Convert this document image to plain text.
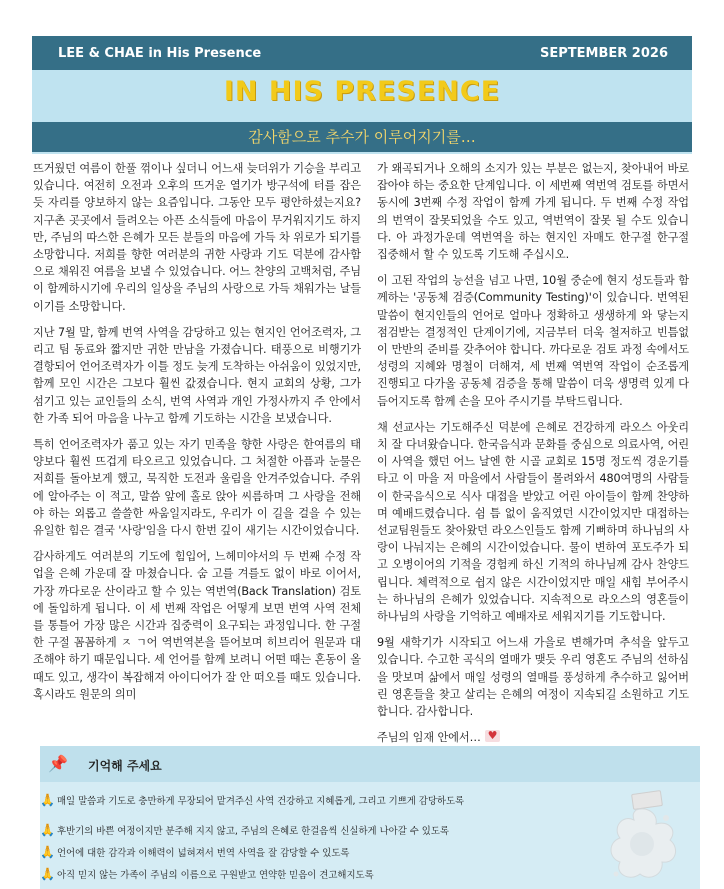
LEE & CHAE in His Presence	SEPTEMBER 2026
IN HIS PRESENCE
감사함으로 추수가 이루어지기를…

뜨거웠던 여름이 한풀 꺾이나 싶더니 어느새 늦더위가 기승을 부리고 있습니다. 여전히 오전과 오후의 뜨거운 열기가 방구석에 터를 잡은 듯 자리를 양보하지 않는 요즘입니다. 그동안 모두 평안하셨는지요? 지구촌 곳곳에서 들려오는 아픈 소식들에 마음이 무거워지기도 하지만, 주님의 따스한 은혜가 모든 분들의 마음에 가득 차 위로가 되기를 소망합니다. 저희를 향한 여러분의 귀한 사랑과 기도 덕분에 감사함으로 채워진 여름을 보낼 수 있었습니다. 어느 찬양의 고백처럼, 주님이 함께하시기에 우리의 일상을 주님의 사랑으로 가득 채워가는 날들이기를 소망합니다.

지난 7월 말, 함께 번역 사역을 감당하고 있는 현지인 언어조력자, 그리고 팀 동료와 짧지만 귀한 만남을 가졌습니다. 태풍으로 비행기가 결항되어 언어조력자가 이틀 정도 늦게 도착하는 아쉬움이 있었지만, 함께 모인 시간은 그보다 훨씬 값졌습니다. 현지 교회의 상황, 그가 섬기고 있는 교인들의 소식, 번역 사역과 개인 가정사까지 주 안에서 한 가족 되어 마음을 나누고 함께 기도하는 시간을 보냈습니다.

특히 언어조력자가 품고 있는 자기 민족을 향한 사랑은 한여름의 태양보다 훨씬 뜨겁게 타오르고 있었습니다. 그 처절한 아픔과 눈물은 저희를 돌아보게 했고, 묵직한 도전과 울림을 안겨주었습니다. 주위에 알아주는 이 적고, 말씀 앞에 홀로 앉아 씨름하며 그 사랑을 전해야 하는 외롭고 쓸쓸한 싸움일지라도, 우리가 이 길을 걸을 수 있는 유일한 힘은 결국 '사랑'임을 다시 한번 깊이 새기는 시간이었습니다.

감사하게도 여러분의 기도에 힘입어, 느헤미야서의 두 번째 수정 작업을 은혜 가운데 잘 마쳤습니다. 숨 고를 겨를도 없이 바로 이어서, 가장 까다로운 산이라고 할 수 있는 역번역(Back Translation) 검토에 돌입하게 됩니다. 이 세 번째 작업은 어떻게 보면 번역 사역 전체를 통틀어 가장 많은 시간과 집중력이 요구되는 과정입니다. 한 구절 한 구절 꼼꼼하게 ㅈ ㄱ어 역번역본을 뜯어보며 히브리어 원문과 대조해야 하기 때문입니다. 세 언어를 함께 보려니 어떤 때는 혼동이 올 때도 있고, 생각이 복잡해져 아이디어가 잘 안 떠오를 때도 있습니다. 혹시라도 원문의 의미

가 왜곡되거나 오해의 소지가 있는 부분은 없는지, 찾아내어 바로잡아야 하는 중요한 단계입니다. 이 세번째 역번역 검토를 하면서 동시에 3번째 수정 작업이 함께 가게 됩니다. 두 번째 수정 작업의 번역이 잘못되었을 수도 있고, 역번역이 잘못 될 수도 있습니다. 아 과정가운데 역번역을 하는 현지인 자매도 한구절 한구절 집중해서 할 수 있도록 기도해 주십시오.

이 고된 작업의 능선을 넘고 나면, 10월 중순에 현지 성도들과 함께하는 '공동체 검증(Community Testing)'이 있습니다. 번역된 말씀이 현지인들의 언어로 얼마나 정확하고 생생하게 와 닿는지 점검받는 결정적인 단계이기에, 지금부터 더욱 철저하고 빈틈없이 만반의 준비를 갖추어야 합니다. 까다로운 검토 과정 속에서도 성령의 지혜와 명철이 더해져, 세 번째 역번역 작업이 순조롭게 진행되고 다가올 공동체 검증을 통해 말씀이 더욱 생명력 있게 다듬어지도록 함께 손을 모아 주시기를 부탁드립니다.

채 선교사는 기도해주신 덕분에 은혜로 건강하게 라오스 아웃리치 잘 다녀왔습니다. 한국음식과 문화를 중심으로 의료사역, 어린이 사역을 했던 어느 날엔 한 시골 교회로 15명 정도씩 경운기를 타고 이 마을 저 마을에서 사람들이 몰려와서 480여명의 사람들이 한국음식으로 식사 대접을 받았고 어린 아이들이 함께 찬양하며 예배드렸습니다. 쉼 틈 없이 움직였던 시간이었지만 대접하는 선교팀원들도 찾아왔던 라오스인들도 함께 기뻐하며 하나님의 사랑이 나눠지는 은혜의 시간이었습니다. 물이 변하여 포도주가 되고 오병이어의 기적을 경험케 하신 기적의 하나님께 감사 찬양드립니다. 체력적으로 쉽지 않은 시간이었지만 매일 새힘 부어주시는 하나님의 은혜가 있었습니다. 지속적으로 라오스의 영혼들이 하나님의 사랑을 기억하고 예배자로 세워지기를 기도합니다.

9월 새학기가 시작되고 어느새 가을로 변해가며 추석을 앞두고 있습니다. 수고한 곡식의 열매가 맺듯 우리 영혼도 주님의 선하심을 맛보며 삶에서 매일 성령의 열매를 풍성하게 추수하고 잃어버린 영혼들을 찾고 살리는 은혜의 여정이 지속되길 소원하고 기도합니다. 감사합니다.

주님의 임재 안에서…♥

📌 기억해 주세요
🙏 매일 말씀과 기도로 충만하게 무장되어 맡겨주신 사역 건강하고 지혜롭게, 그리고 기쁘게 감당하도록
🙏 후반기의 바쁜 여정이지만 분주해 지지 않고, 주님의 은혜로 한걸음씩 신실하게 나아갈 수 있도록
🙏 언어에 대한 감각과 이해력이 넓혀져서 번역 사역을 잘 감당할 수 있도록
🙏 아직 믿지 않는 가족이 주님의 이름으로 구원받고 연약한 믿음이 견고해지도록
